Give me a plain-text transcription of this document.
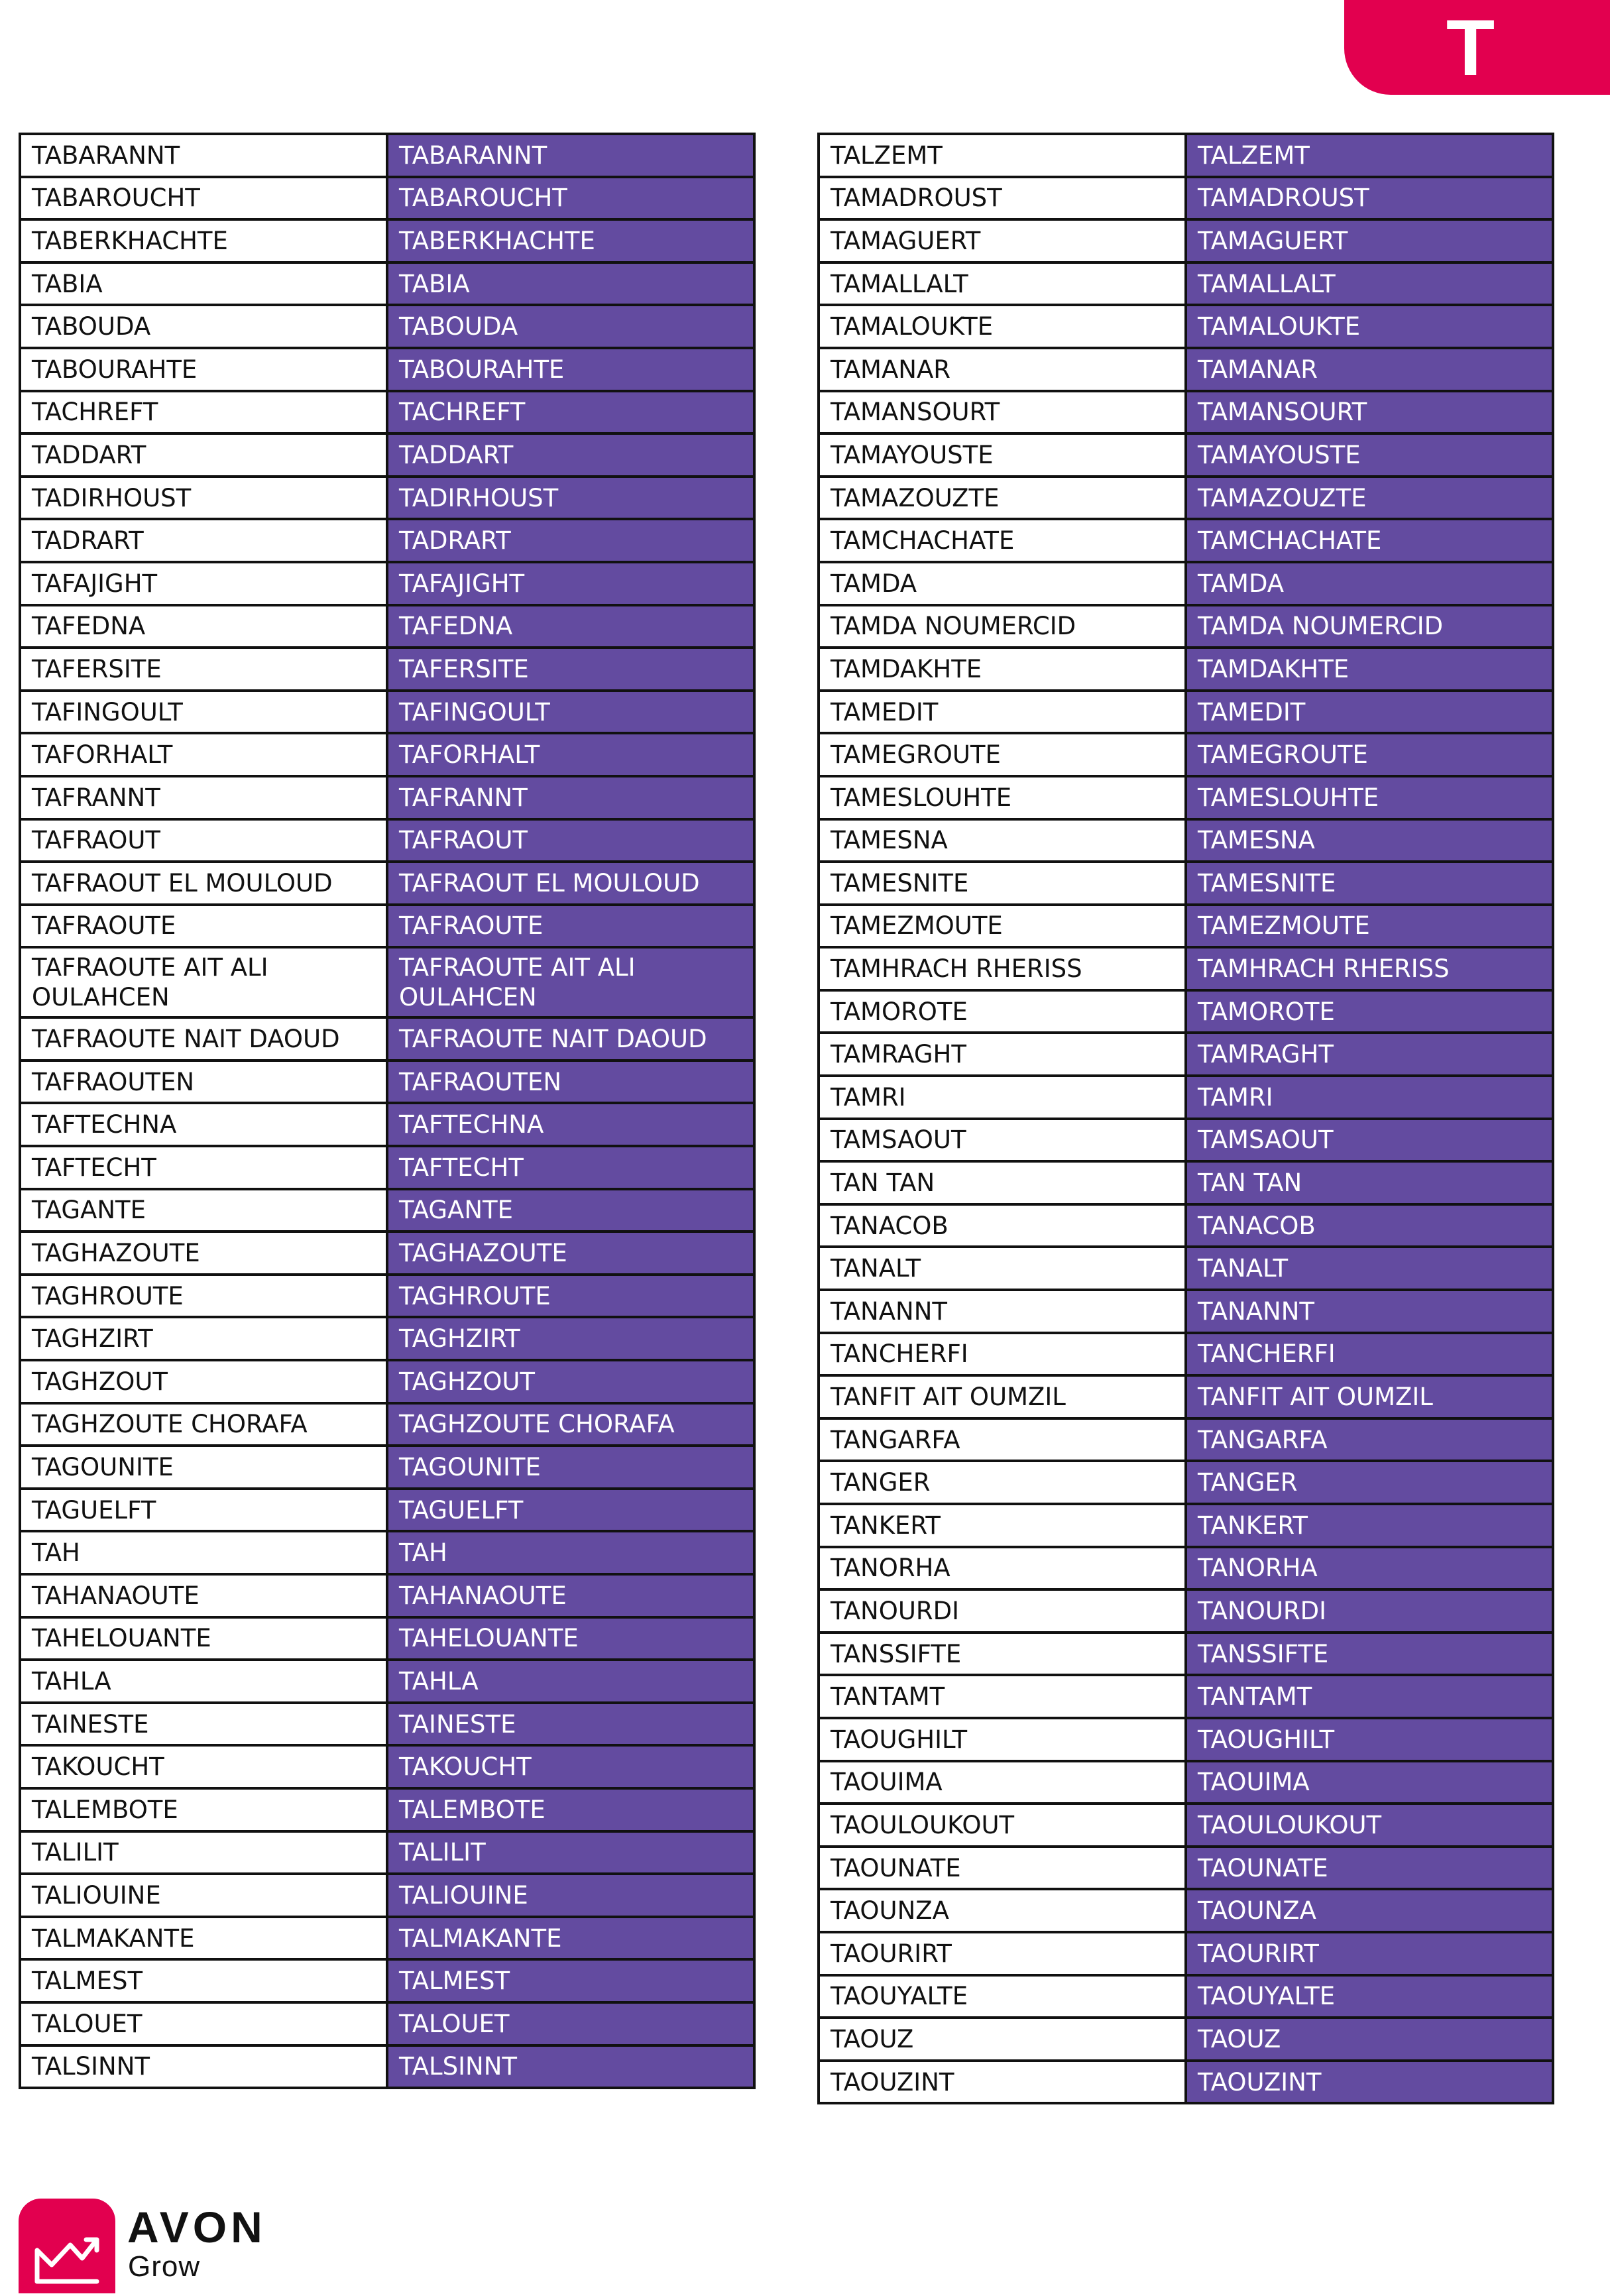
T
TABARANNT	TABARANNT
TABAROUCHT	TABAROUCHT
TABERKHACHTE	TABERKHACHTE
TABIA	TABIA
TABOUDA	TABOUDA
TABOURAHTE	TABOURAHTE
TACHREFT	TACHREFT
TADDART	TADDART
TADIRHOUST	TADIRHOUST
TADRART	TADRART
TAFAJIGHT	TAFAJIGHT
TAFEDNA	TAFEDNA
TAFERSITE	TAFERSITE
TAFINGOULT	TAFINGOULT
TAFORHALT	TAFORHALT
TAFRANNT	TAFRANNT
TAFRAOUT	TAFRAOUT
TAFRAOUT EL MOULOUD	TAFRAOUT EL MOULOUD
TAFRAOUTE	TAFRAOUTE
TAFRAOUTE AIT ALI OULAHCEN	TAFRAOUTE AIT ALI OULAHCEN
TAFRAOUTE NAIT DAOUD	TAFRAOUTE NAIT DAOUD
TAFRAOUTEN	TAFRAOUTEN
TAFTECHNA	TAFTECHNA
TAFTECHT	TAFTECHT
TAGANTE	TAGANTE
TAGHAZOUTE	TAGHAZOUTE
TAGHROUTE	TAGHROUTE
TAGHZIRT	TAGHZIRT
TAGHZOUT	TAGHZOUT
TAGHZOUTE CHORAFA	TAGHZOUTE CHORAFA
TAGOUNITE	TAGOUNITE
TAGUELFT	TAGUELFT
TAH	TAH
TAHANAOUTE	TAHANAOUTE
TAHELOUANTE	TAHELOUANTE
TAHLA	TAHLA
TAINESTE	TAINESTE
TAKOUCHT	TAKOUCHT
TALEMBOTE	TALEMBOTE
TALILIT	TALILIT
TALIOUINE	TALIOUINE
TALMAKANTE	TALMAKANTE
TALMEST	TALMEST
TALOUET	TALOUET
TALSINNT	TALSINNT
TALZEMT	TALZEMT
TAMADROUST	TAMADROUST
TAMAGUERT	TAMAGUERT
TAMALLALT	TAMALLALT
TAMALOUKTE	TAMALOUKTE
TAMANAR	TAMANAR
TAMANSOURT	TAMANSOURT
TAMAYOUSTE	TAMAYOUSTE
TAMAZOUZTE	TAMAZOUZTE
TAMCHACHATE	TAMCHACHATE
TAMDA	TAMDA
TAMDA NOUMERCID	TAMDA NOUMERCID
TAMDAKHTE	TAMDAKHTE
TAMEDIT	TAMEDIT
TAMEGROUTE	TAMEGROUTE
TAMESLOUHTE	TAMESLOUHTE
TAMESNA	TAMESNA
TAMESNITE	TAMESNITE
TAMEZMOUTE	TAMEZMOUTE
TAMHRACH RHERISS	TAMHRACH RHERISS
TAMOROTE	TAMOROTE
TAMRAGHT	TAMRAGHT
TAMRI	TAMRI
TAMSAOUT	TAMSAOUT
TAN TAN	TAN TAN
TANACOB	TANACOB
TANALT	TANALT
TANANNT	TANANNT
TANCHERFI	TANCHERFI
TANFIT AIT OUMZIL	TANFIT AIT OUMZIL
TANGARFA	TANGARFA
TANGER	TANGER
TANKERT	TANKERT
TANORHA	TANORHA
TANOURDI	TANOURDI
TANSSIFTE	TANSSIFTE
TANTAMT	TANTAMT
TAOUGHILT	TAOUGHILT
TAOUIMA	TAOUIMA
TAOULOUKOUT	TAOULOUKOUT
TAOUNATE	TAOUNATE
TAOUNZA	TAOUNZA
TAOURIRT	TAOURIRT
TAOUYALTE	TAOUYALTE
TAOUZ	TAOUZ
TAOUZINT	TAOUZINT
AVON
Grow
